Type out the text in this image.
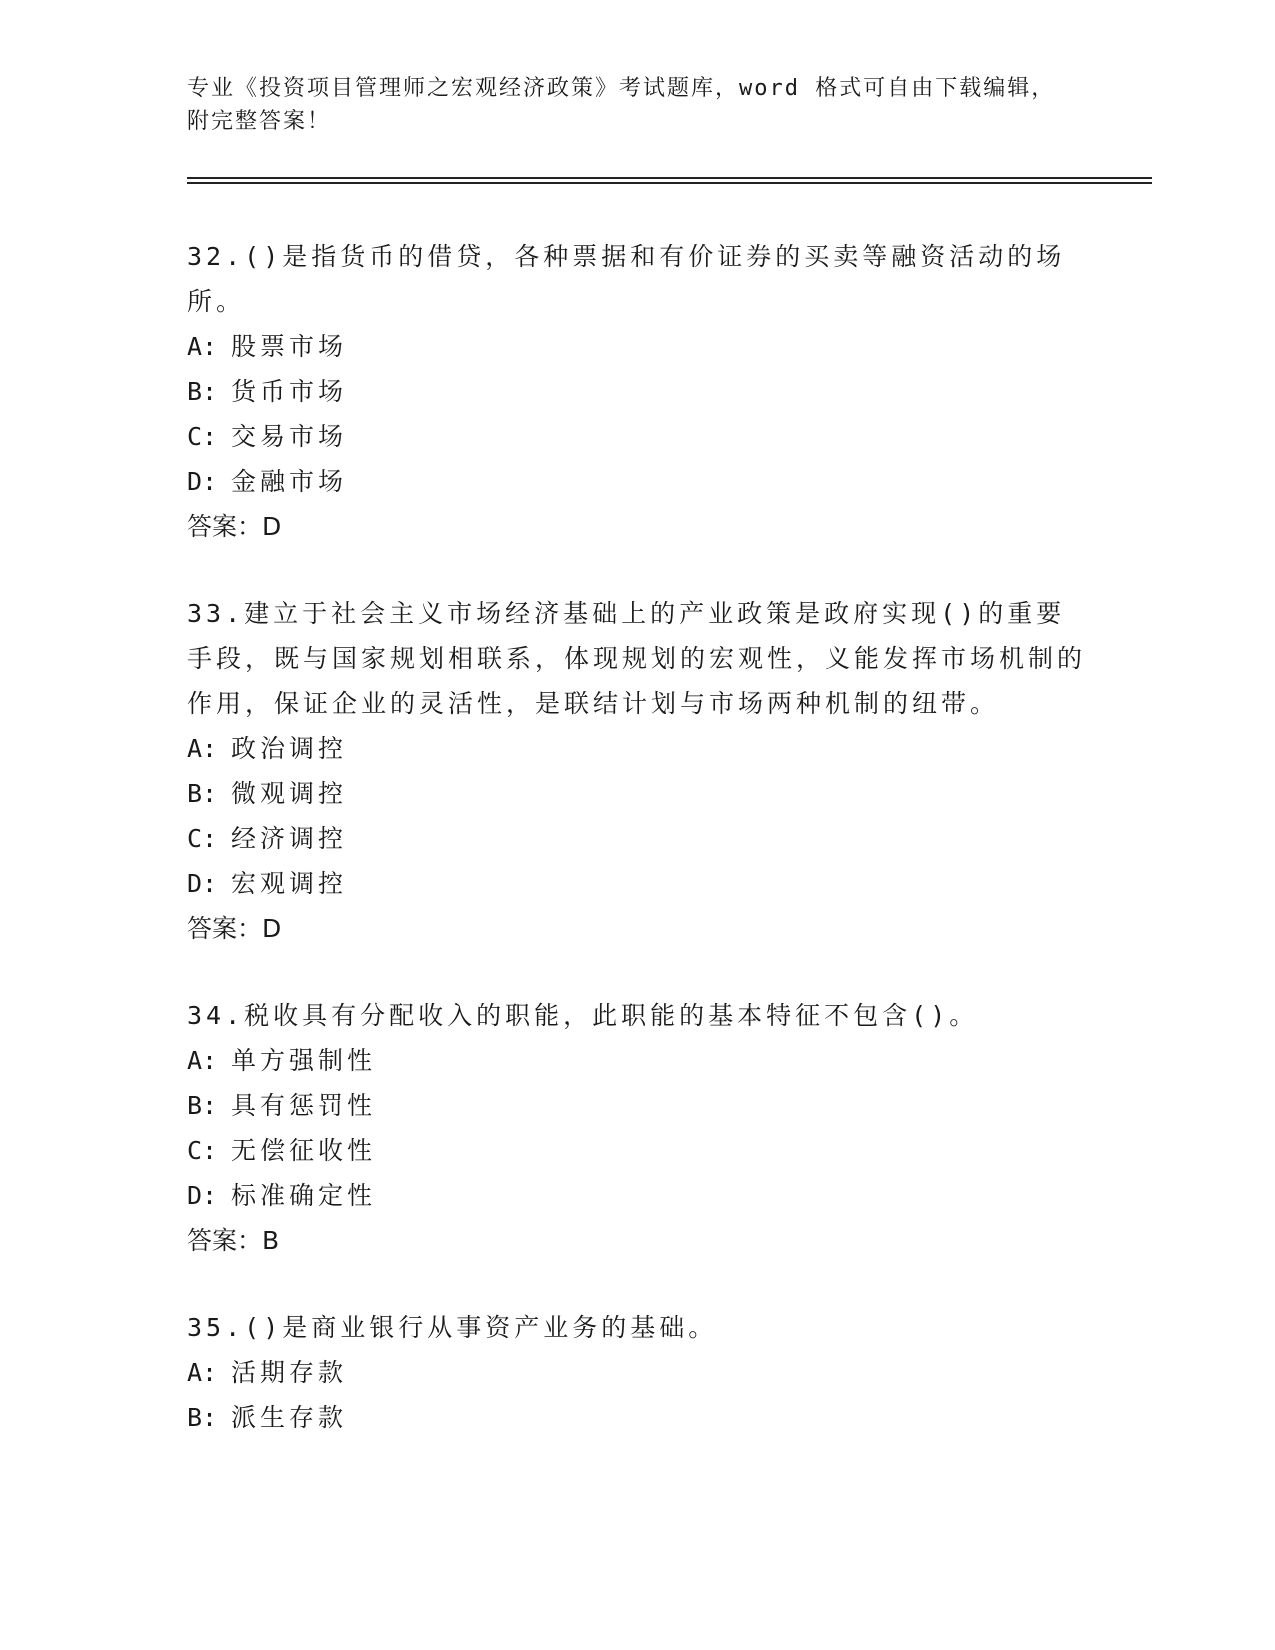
专业《投资项目管理师之宏观经济政策》考试题库，word 格式可自由下载编辑，
附完整答案！

32.()是指货币的借贷，各种票据和有价证券的买卖等融资活动的场所。

A: 股票市场

B: 货币市场

C: 交易市场

D: 金融市场

答案：D

33.建立于社会主义市场经济基础上的产业政策是政府实现()的重要手段，既与国家规划相联系，体现规划的宏观性，义能发挥市场机制的作用，保证企业的灵活性，是联结计划与市场两种机制的纽带。

A: 政治调控

B: 微观调控

C: 经济调控

D: 宏观调控

答案：D

34.税收具有分配收入的职能，此职能的基本特征不包含()。

A: 单方强制性

B: 具有惩罚性

C: 无偿征收性

D: 标准确定性

答案：B

35.()是商业银行从事资产业务的基础。

A: 活期存款

B: 派生存款
